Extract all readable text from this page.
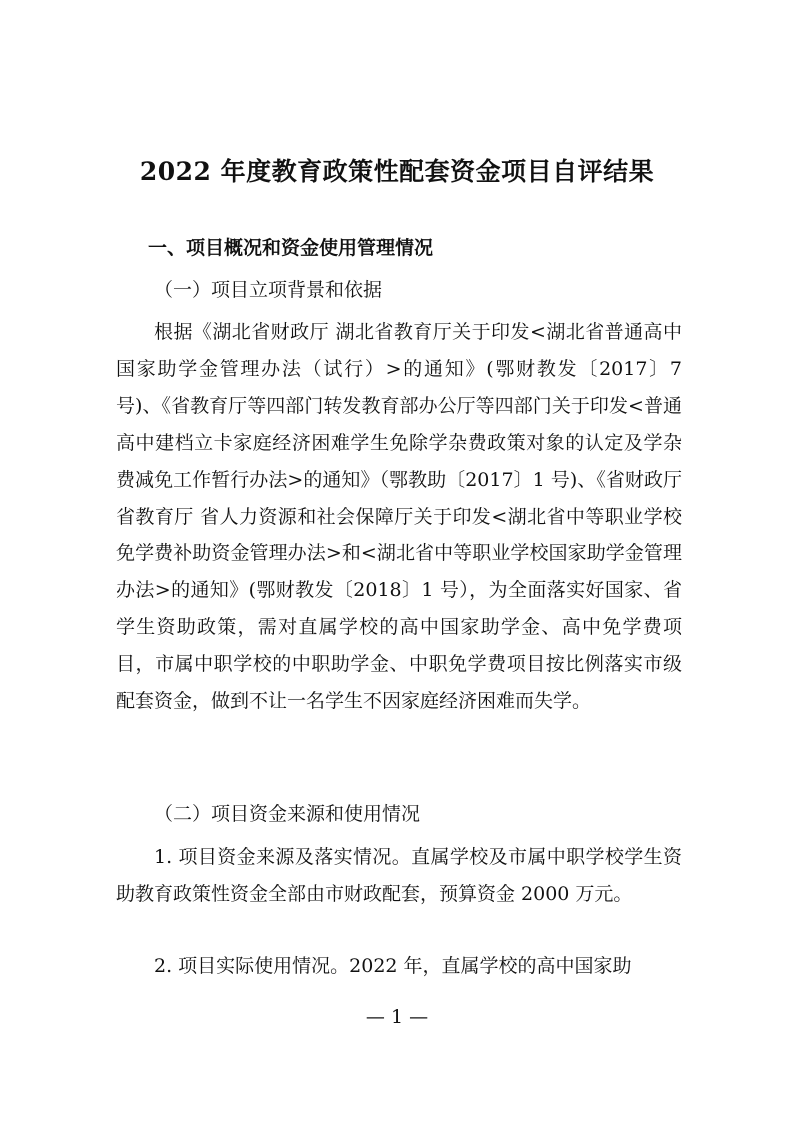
2022 年度教育政策性配套资金项目自评结果
一、项目概况和资金使用管理情况
（一）项目立项背景和依据

根据《湖北省财政厅 湖北省教育厅关于印发<湖北省普通高中国家助学金管理办法（试行）>的通知》(鄂财教发〔2017〕7 号)、《省教育厅等四部门转发教育部办公厅等四部门关于印发<普通高中建档立卡家庭经济困难学生免除学杂费政策对象的认定及学杂费减免工作暂行办法>的通知》（鄂教助〔2017〕1 号)、《省财政厅 省教育厅 省人力资源和社会保障厅关于印发<湖北省中等职业学校免学费补助资金管理办法>和<湖北省中等职业学校国家助学金管理办法>的通知》(鄂财教发〔2018〕1 号），为全面落实好国家、省学生资助政策，需对直属学校的高中国家助学金、高中免学费项目，市属中职学校的中职助学金、中职免学费项目按比例落实市级配套资金，做到不让一名学生不因家庭经济困难而失学。

（二）项目资金来源和使用情况

1. 项目资金来源及落实情况。直属学校及市属中职学校学生资助教育政策性资金全部由市财政配套，预算资金 2000 万元。

2. 项目实际使用情况。2022 年，直属学校的高中国家助

— 1 —
